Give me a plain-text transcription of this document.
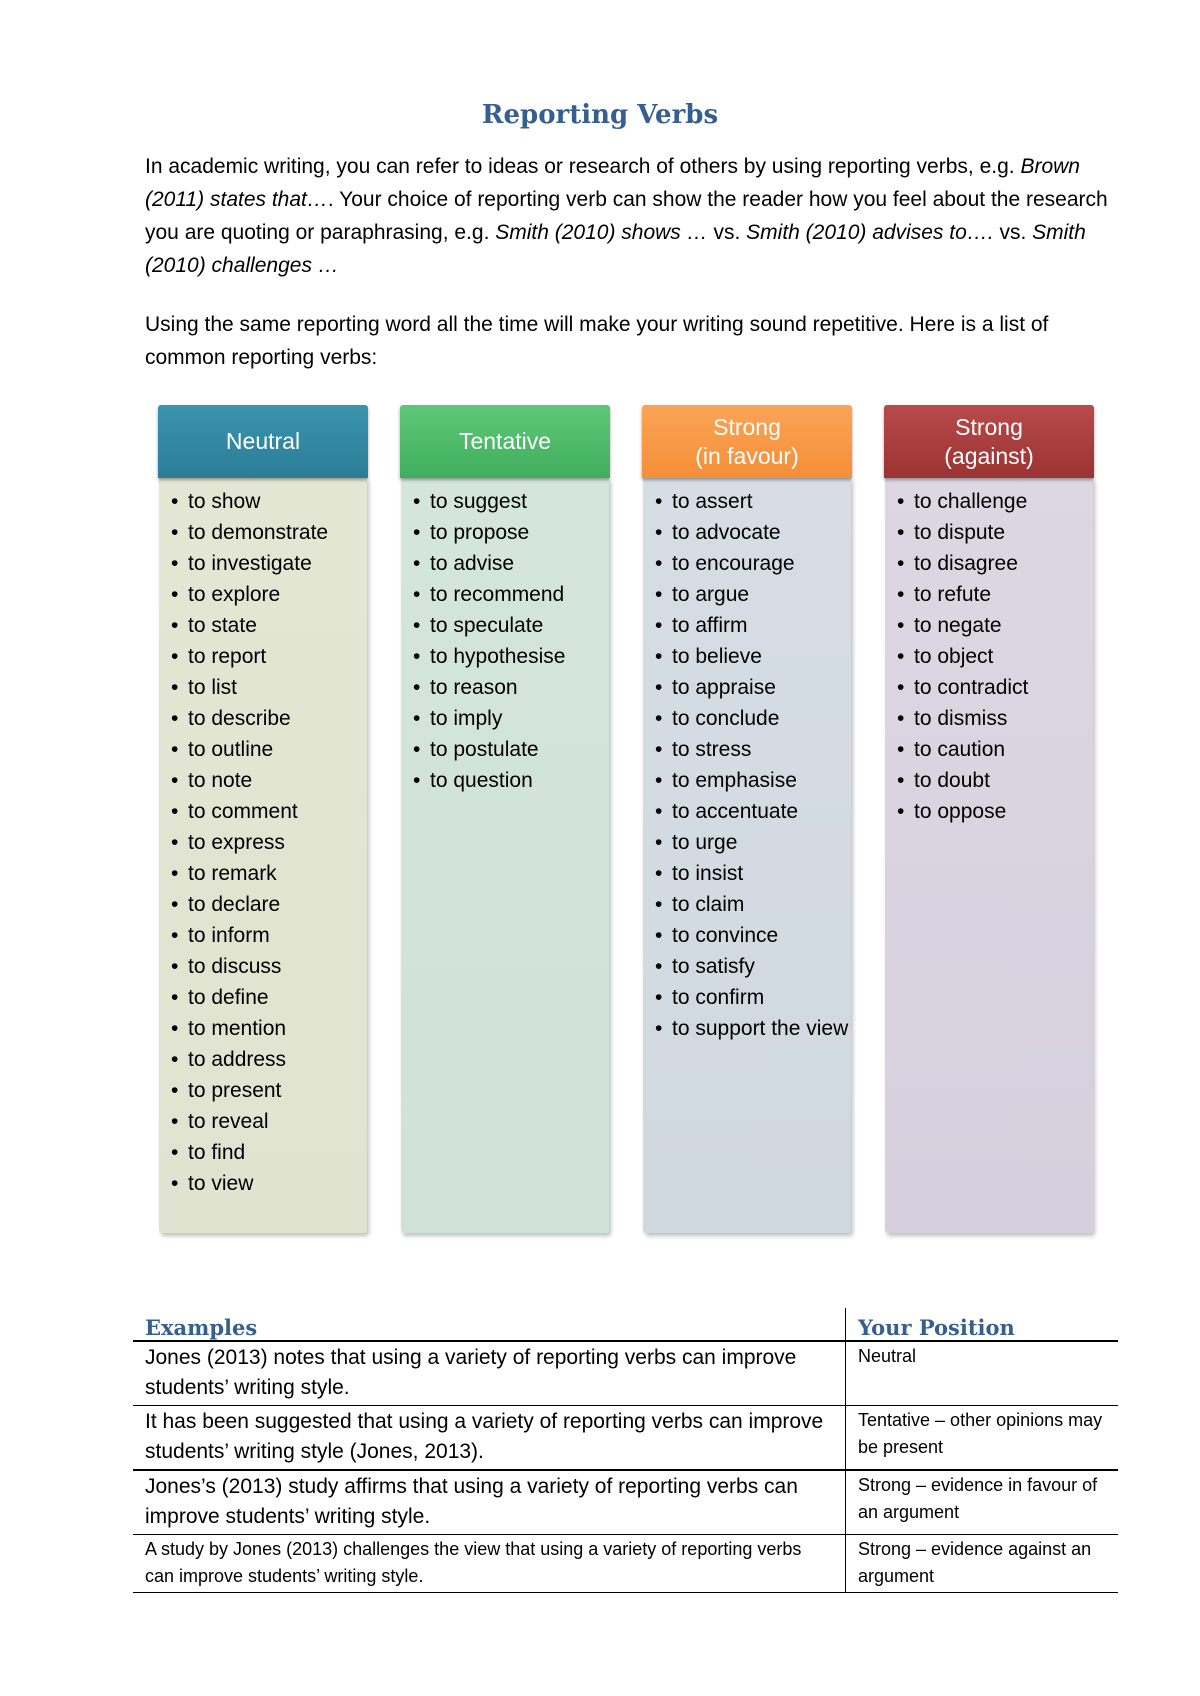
Reporting Verbs
In academic writing, you can refer to ideas or research of others by using reporting verbs, e.g. Brown (2011) states that…. Your choice of reporting verb can show the reader how you feel about the research you are quoting or paraphrasing, e.g. Smith (2010) shows … vs. Smith (2010) advises to…. vs. Smith (2010) challenges …
Using the same reporting word all the time will make your writing sound repetitive. Here is a list of common reporting verbs:
Neutral
• to show
• to demonstrate
• to investigate
• to explore
• to state
• to report
• to list
• to describe
• to outline
• to note
• to comment
• to express
• to remark
• to declare
• to inform
• to discuss
• to define
• to mention
• to address
• to present
• to reveal
• to find
• to view
Tentative
• to suggest
• to propose
• to advise
• to recommend
• to speculate
• to hypothesise
• to reason
• to imply
• to postulate
• to question
Strong
(in favour)
• to assert
• to advocate
• to encourage
• to argue
• to affirm
• to believe
• to appraise
• to conclude
• to stress
• to emphasise
• to accentuate
• to urge
• to insist
• to claim
• to convince
• to satisfy
• to confirm
• to support the view
Strong
(against)
• to challenge
• to dispute
• to disagree
• to refute
• to negate
• to object
• to contradict
• to dismiss
• to caution
• to doubt
• to oppose
Examples	Your Position
Jones (2013) notes that using a variety of reporting verbs can improve students’ writing style.	Neutral
It has been suggested that using a variety of reporting verbs can improve students’ writing style (Jones, 2013).	Tentative – other opinions may be present
Jones’s (2013) study affirms that using a variety of reporting verbs can improve students’ writing style.	Strong – evidence in favour of an argument
A study by Jones (2013) challenges the view that using a variety of reporting verbs can improve students’ writing style.	Strong – evidence against an argument
